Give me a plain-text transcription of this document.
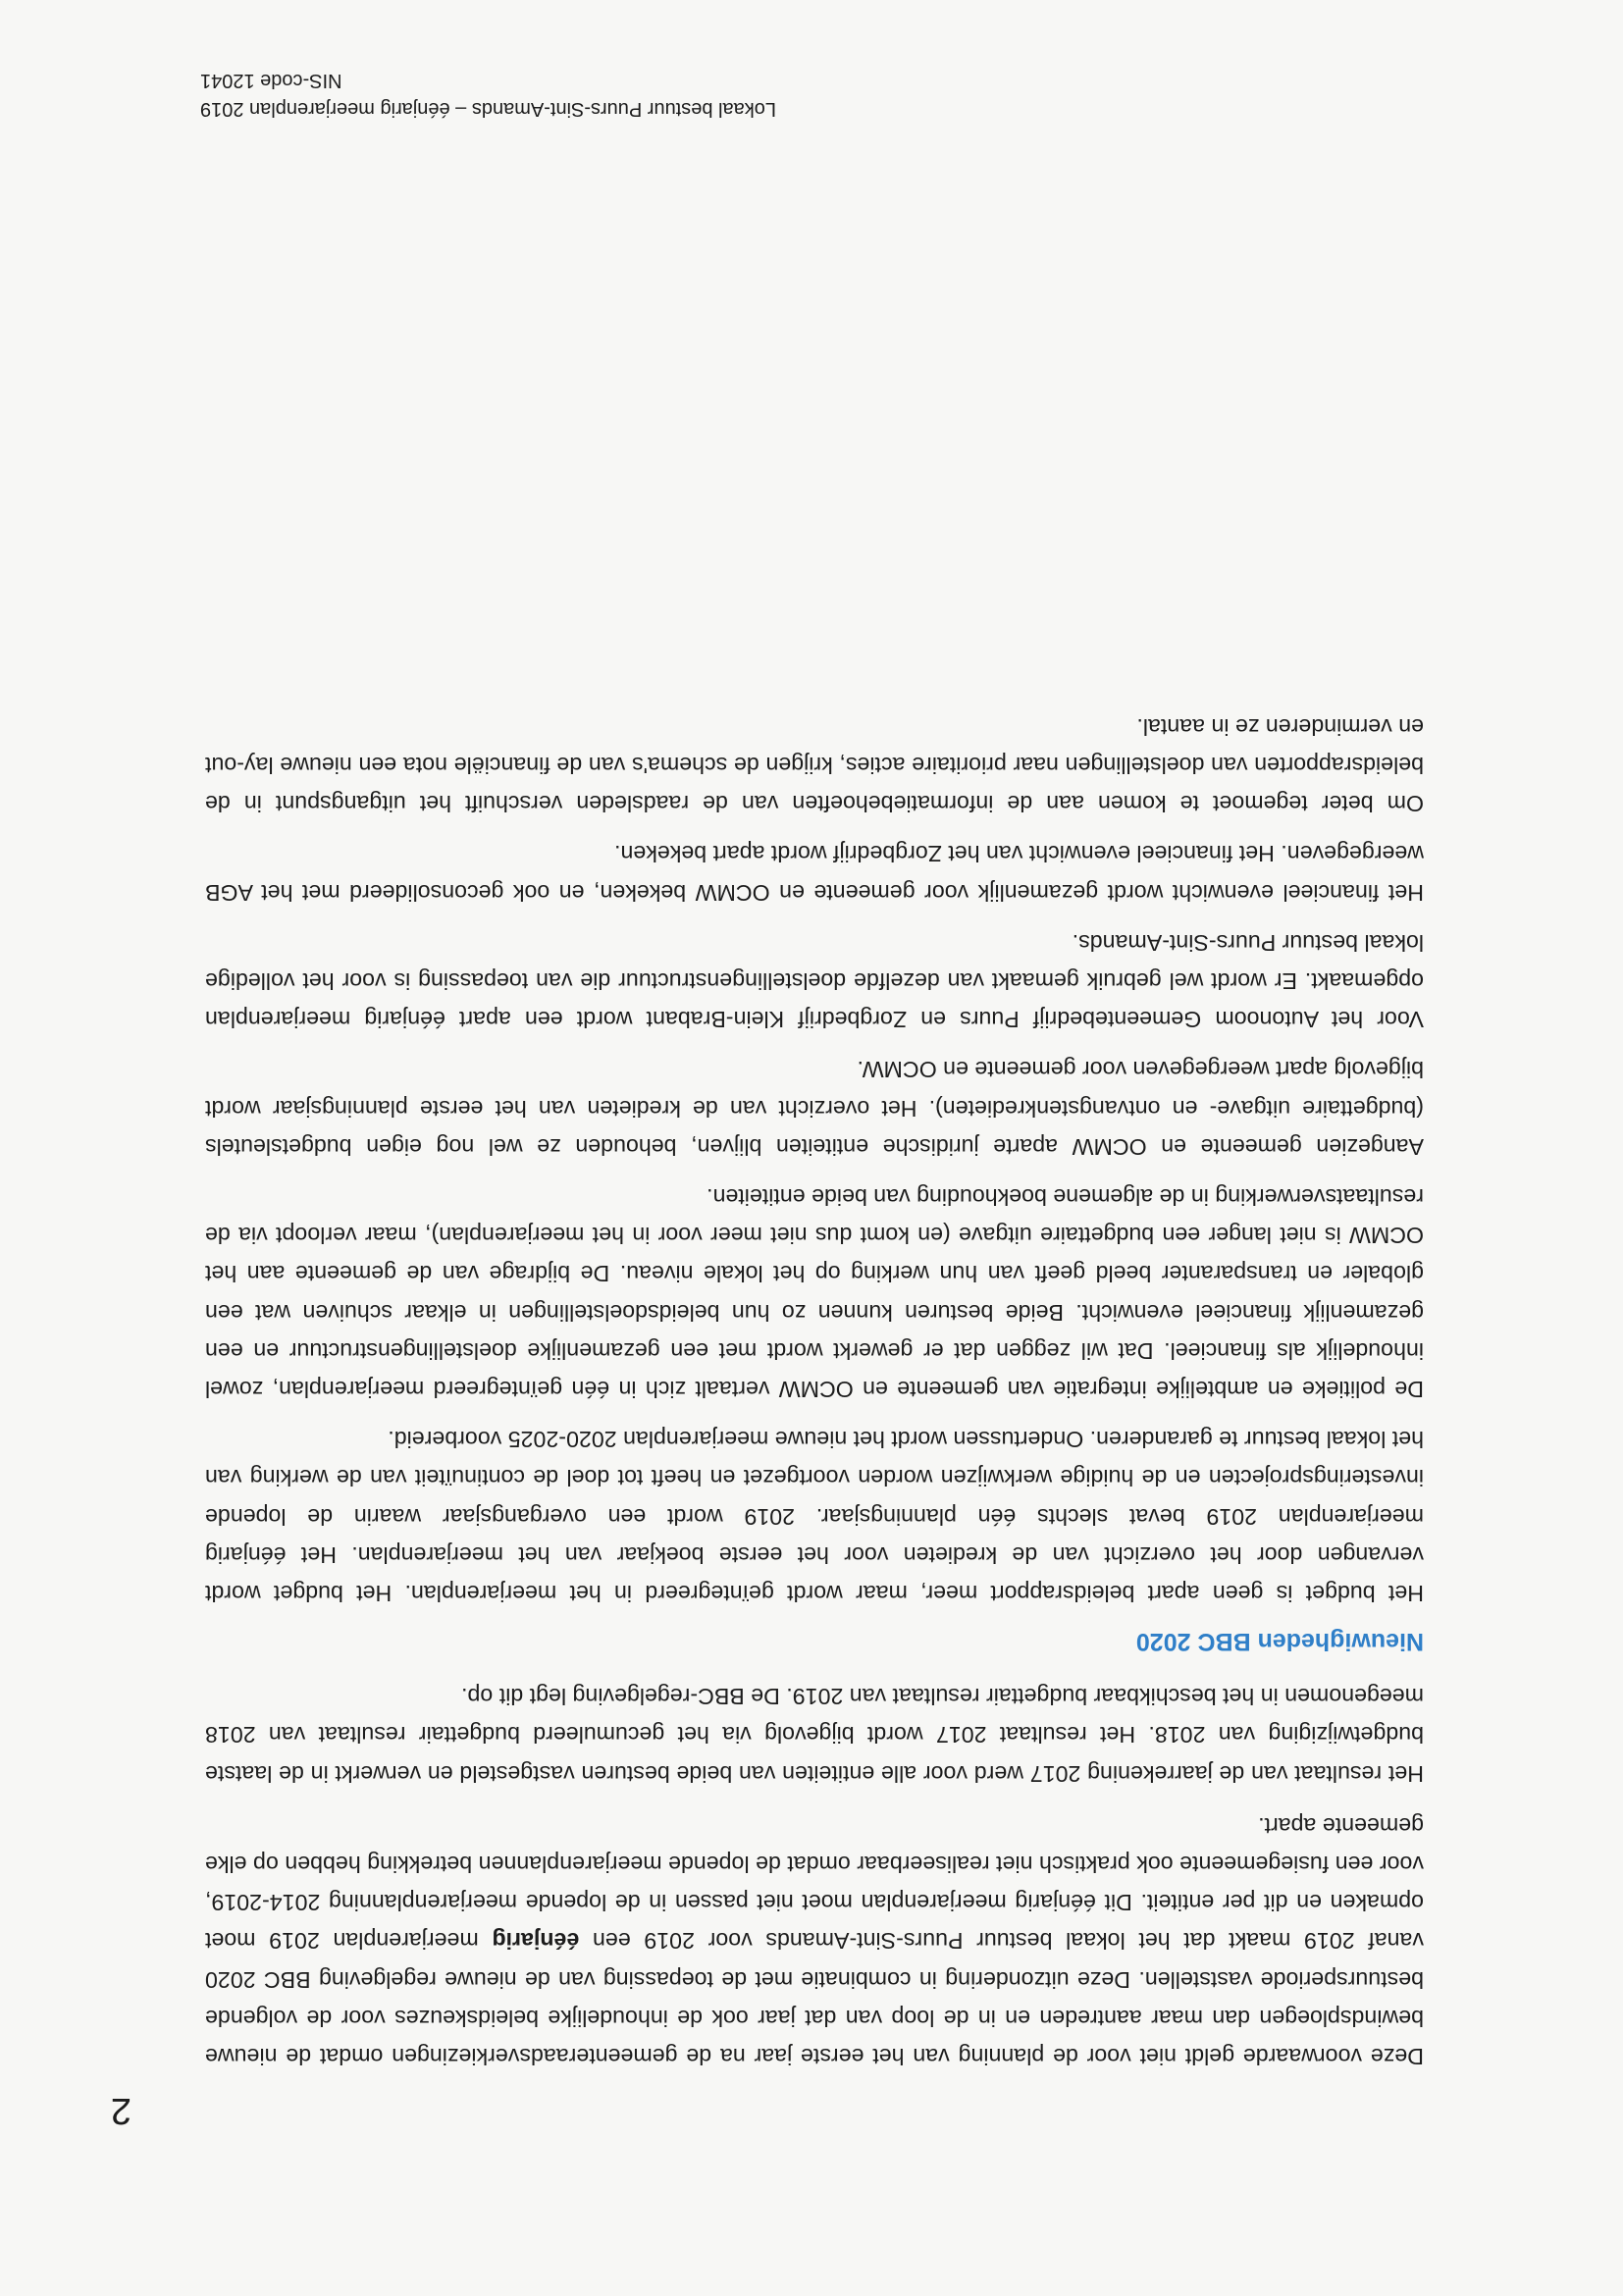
2

Deze voorwaarde geldt niet voor de planning van het eerste jaar na de gemeenteraadsverkiezingen omdat de nieuwe bewindsploegen dan maar aantreden en in de loop van dat jaar ook de inhoudelijke beleidskeuzes voor de volgende bestuursperiode vaststellen. Deze uitzondering in combinatie met de toepassing van de nieuwe regelgeving BBC 2020 vanaf 2019 maakt dat het lokaal bestuur Puurs-Sint-Amands voor 2019 een éénjarig meerjarenplan 2019 moet opmaken en dit per entiteit. Dit éénjarig meerjarenplan moet niet passen in de lopende meerjarenplanning 2014-2019, voor een fusiegemeente ook praktisch niet realiseerbaar omdat de lopende meerjarenplannen betrekking hebben op elke gemeente apart.

Het resultaat van de jaarrekening 2017 werd voor alle entiteiten van beide besturen vastgesteld en verwerkt in de laatste budgetwijziging van 2018. Het resultaat 2017 wordt bijgevolg via het gecumuleerd budgettair resultaat van 2018 meegenomen in het beschikbaar budgettair resultaat van 2019. De BBC-regelgeving legt dit op.

Nieuwigheden BBC 2020

Het budget is geen apart beleidsrapport meer, maar wordt geïntegreerd in het meerjarenplan. Het budget wordt vervangen door het overzicht van de kredieten voor het eerste boekjaar van het meerjarenplan. Het éénjarig meerjarenplan 2019 bevat slechts één planningsjaar. 2019 wordt een overgangsjaar waarin de lopende investeringsprojecten en de huidige werkwijzen worden voortgezet en heeft tot doel de continuïteit van de werking van het lokaal bestuur te garanderen. Ondertussen wordt het nieuwe meerjarenplan 2020-2025 voorbereid.

De politieke en ambtelijke integratie van gemeente en OCMW vertaalt zich in één geïntegreerd meerjarenplan, zowel inhoudelijk als financieel. Dat wil zeggen dat er gewerkt wordt met een gezamenlijke doelstellingenstructuur en een gezamenlijk financieel evenwicht. Beide besturen kunnen zo hun beleidsdoelstellingen in elkaar schuiven wat een globaler en transparanter beeld geeft van hun werking op het lokale niveau. De bijdrage van de gemeente aan het OCMW is niet langer een budgettaire uitgave (en komt dus niet meer voor in het meerjarenplan), maar verloopt via de resultaatsverwerking in de algemene boekhouding van beide entiteiten.

Aangezien gemeente en OCMW aparte juridische entiteiten blijven, behouden ze wel nog eigen budgetsleutels (budgettaire uitgave- en ontvangstenkredieten). Het overzicht van de kredieten van het eerste planningsjaar wordt bijgevolg apart weergegeven voor gemeente en OCMW.

Voor het Autonoom Gemeentebedrijf Puurs en Zorgbedrijf Klein-Brabant wordt een apart éénjarig meerjarenplan opgemaakt. Er wordt wel gebruik gemaakt van dezelfde doelstellingenstructuur die van toepassing is voor het volledige lokaal bestuur Puurs-Sint-Amands.

Het financieel evenwicht wordt gezamenlijk voor gemeente en OCMW bekeken, en ook geconsolideerd met het AGB weergegeven. Het financieel evenwicht van het Zorgbedrijf wordt apart bekeken.

Om beter tegemoet te komen aan de informatiebehoeften van de raadsleden verschuift het uitgangspunt in de beleidsrapporten van doelstellingen naar prioritaire acties, krijgen de schema's van de financiële nota een nieuwe lay-out en verminderen ze in aantal.

Lokaal bestuur Puurs-Sint-Amands – éénjarig meerjarenplan 2019
NIS-code 12041
